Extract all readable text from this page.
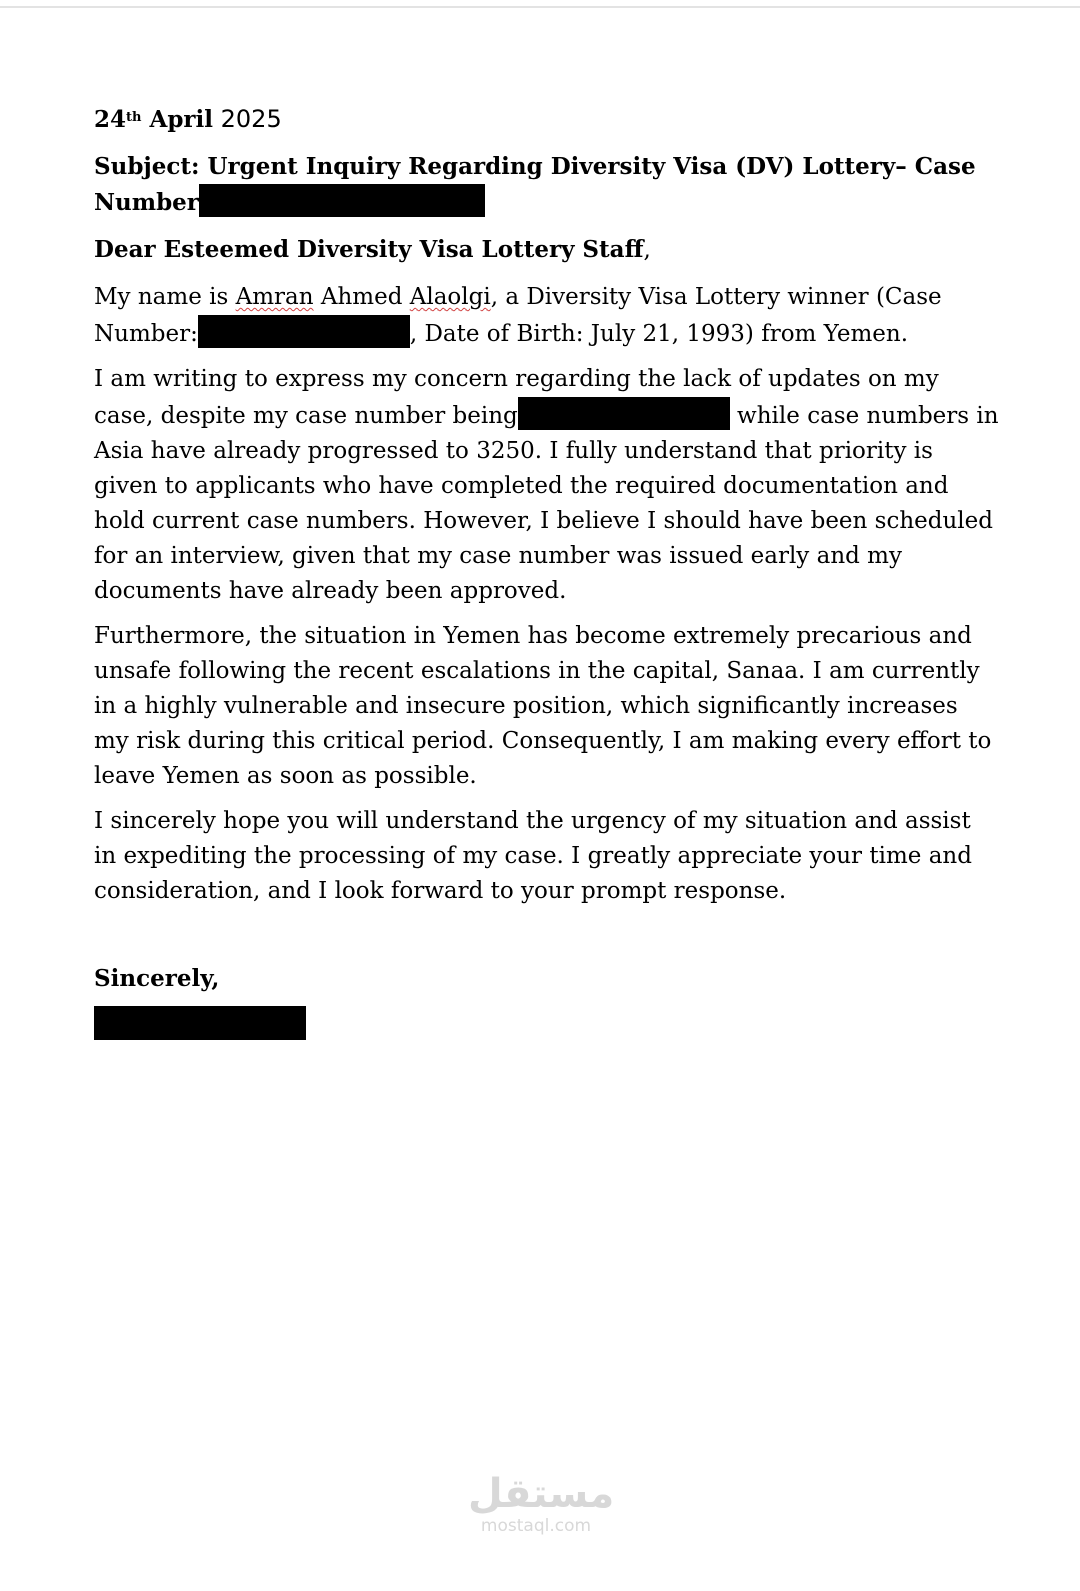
24th April 2025

Subject: Urgent Inquiry Regarding Diversity Visa (DV) Lottery– Case Number

Dear Esteemed Diversity Visa Lottery Staff,

My name is Amran Ahmed Alaolgi, a Diversity Visa Lottery winner (Case Number:	, Date of Birth: July 21, 1993) from Yemen.

I am writing to express my concern regarding the lack of updates on my case, despite my case number being	while case numbers in Asia have already progressed to 3250. I fully understand that priority is given to applicants who have completed the required documentation and hold current case numbers. However, I believe I should have been scheduled for an interview, given that my case number was issued early and my documents have already been approved.

Furthermore, the situation in Yemen has become extremely precarious and unsafe following the recent escalations in the capital, Sanaa. I am currently in a highly vulnerable and insecure position, which significantly increases my risk during this critical period. Consequently, I am making every effort to leave Yemen as soon as possible.

I sincerely hope you will understand the urgency of my situation and assist in expediting the processing of my case. I greatly appreciate your time and consideration, and I look forward to your prompt response.

Sincerely,

مستقل
mostaql.com
